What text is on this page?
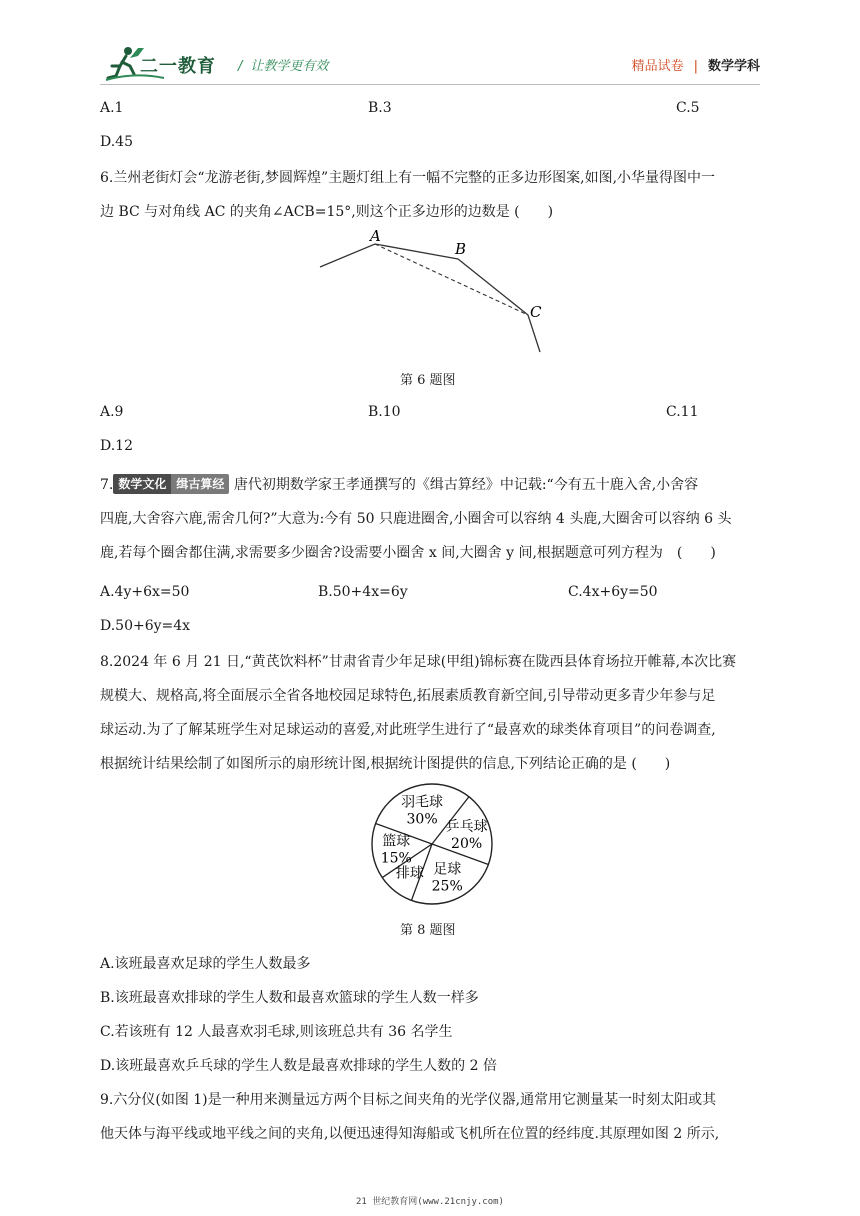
二一教育 / 让教学更有效	精品试卷 | 数学学科
A.1	B.3	C.5
D.45
6.兰州老街灯会“龙游老街,梦圆辉煌”主题灯组上有一幅不完整的正多边形图案,如图,小华量得图中一
边 BC 与对角线 AC 的夹角∠ACB=15°,则这个正多边形的边数是 (　　)
A
B
C
第 6 题图
A.9	B.10	C.11
D.12
7. 数学文化 缉古算经 唐代初期数学家王孝通撰写的《缉古算经》中记载:“今有五十鹿入舍,小舍容
四鹿,大舍容六鹿,需舍几何?”大意为:今有 50 只鹿进圈舍,小圈舍可以容纳 4 头鹿,大圈舍可以容纳 6 头
鹿,若每个圈舍都住满,求需要多少圈舍?设需要小圈舍 x 间,大圈舍 y 间,根据题意可列方程为　(　　)
A.4y+6x=50	B.50+4x=6y	C.4x+6y=50
D.50+6y=4x
8.2024 年 6 月 21 日,“黄芪饮料杯”甘肃省青少年足球(甲组)锦标赛在陇西县体育场拉开帷幕,本次比赛
规模大、规格高,将全面展示全省各地校园足球特色,拓展素质教育新空间,引导带动更多青少年参与足
球运动.为了了解某班学生对足球运动的喜爱,对此班学生进行了“最喜欢的球类体育项目”的问卷调查,
根据统计结果绘制了如图所示的扇形统计图,根据统计图提供的信息,下列结论正确的是 (　　)
羽毛球
30% 乒乓球
20%
足球
25%
排球
篮球
15%
第 8 题图
A.该班最喜欢足球的学生人数最多
B.该班最喜欢排球的学生人数和最喜欢篮球的学生人数一样多
C.若该班有 12 人最喜欢羽毛球,则该班总共有 36 名学生
D.该班最喜欢乒乓球的学生人数是最喜欢排球的学生人数的 2 倍
9.六分仪(如图 1)是一种用来测量远方两个目标之间夹角的光学仪器,通常用它测量某一时刻太阳或其
他天体与海平线或地平线之间的夹角,以便迅速得知海船或飞机所在位置的经纬度.其原理如图 2 所示,
21 世纪教育网(www.21cnjy.com)
